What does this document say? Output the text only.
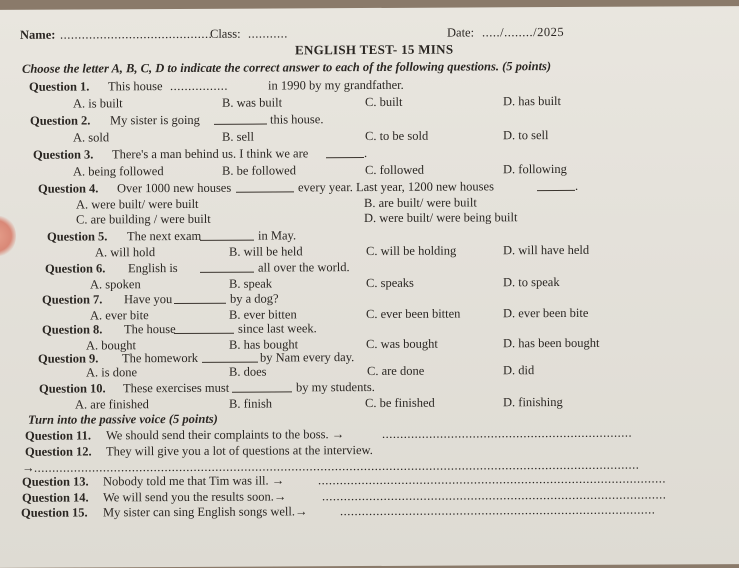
Name: ..........................................
Class: ...........	Date: ...../......../2025
ENGLISH TEST- 15 MINS
Choose the letter A, B, C, D to indicate the correct answer to each of the following questions. (5 points)
Question 1. This house ................	in 1990 by my grandfather.
A. is built	B. was built	C. built	D. has built
Question 2. My sister is going	this house.
A. sold	B. sell	C. to be sold	D. to sell
Question 3. There's a man behind us. I think we are	.
A. being followed	B. be followed	C. followed	D. following
Question 4. Over 1000 new houses	every year. Last year, 1200 new houses	.
A. were built/ were built	B. are built/ were built
C. are building / were built	D. were built/ were being built
Question 5. The next exam	in May.
A. will hold	B. will be held	C. will be holding	D. will have held
Question 6. English is	all over the world.
A. spoken	B. speak	C. speaks	D. to speak
Question 7. Have you	by a dog?
A. ever bite	B. ever bitten	C. ever been bitten	D. ever been bite
Question 8. The house	since last week.
A. bought	B. has bought	C. was bought	D. has been bought
Question 9. The homework	by Nam every day.
A. is done	B. does	C. are done	D. did
Question 10. These exercises must	by my students.
A. are finished	B. finish	C. be finished	D. finishing
Turn into the passive voice (5 points)
Question 11. We should send their complaints to the boss. →	.....................................................................
Question 12. They will give you a lot of questions at the interview.
→ .......................................................................................................................................................................
Question 13. Nobody told me that Tim was ill. →	................................................................................................
Question 14. We will send you the results soon.→	...............................................................................................
Question 15. My sister can sing English songs well.→	.......................................................................................
